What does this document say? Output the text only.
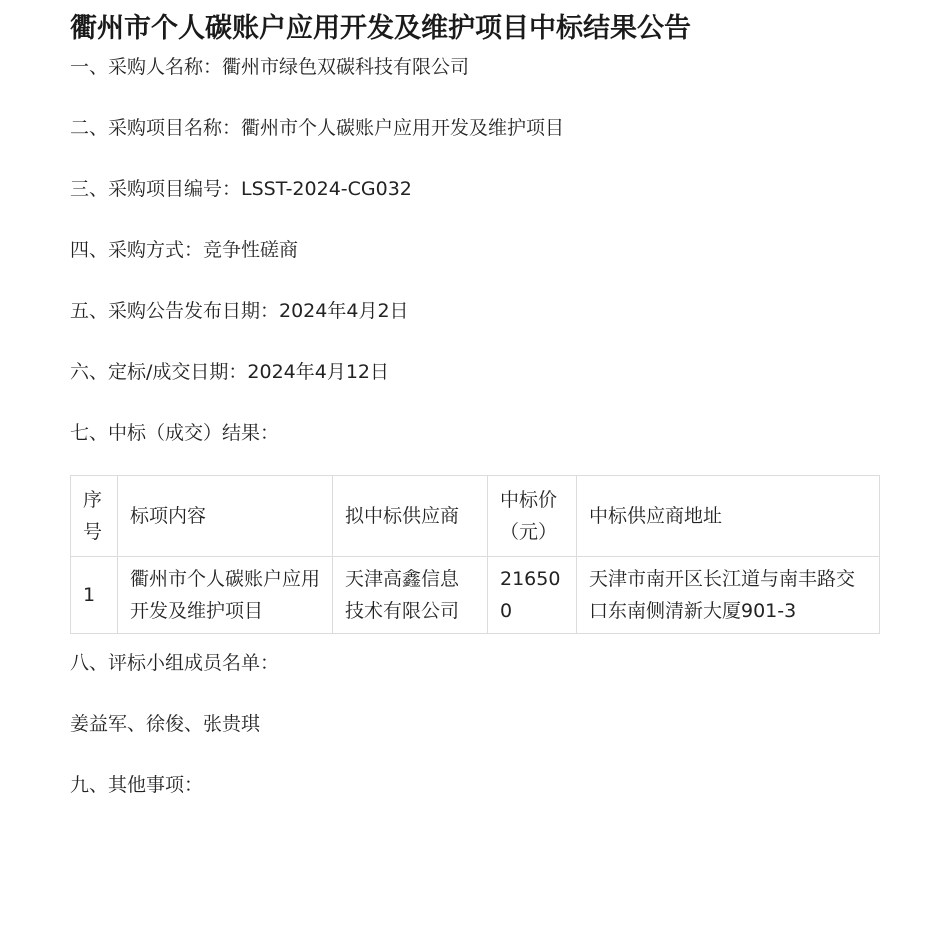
衢州市个人碳账户应用开发及维护项目中标结果公告

一、采购人名称：衢州市绿色双碳科技有限公司

二、采购项目名称：衢州市个人碳账户应用开发及维护项目

三、采购项目编号：LSST-2024-CG032

四、采购方式：竞争性磋商

五、采购公告发布日期：2024年4月2日

六、定标/成交日期：2024年4月12日

七、中标（成交）结果：

序号	标项内容	拟中标供应商	中标价（元）	中标供应商地址
1	衢州市个人碳账户应用开发及维护项目	天津高鑫信息技术有限公司	216500	天津市南开区长江道与南丰路交口东南侧清新大厦901-3

八、评标小组成员名单：

姜益军、徐俊、张贵琪

九、其他事项：
